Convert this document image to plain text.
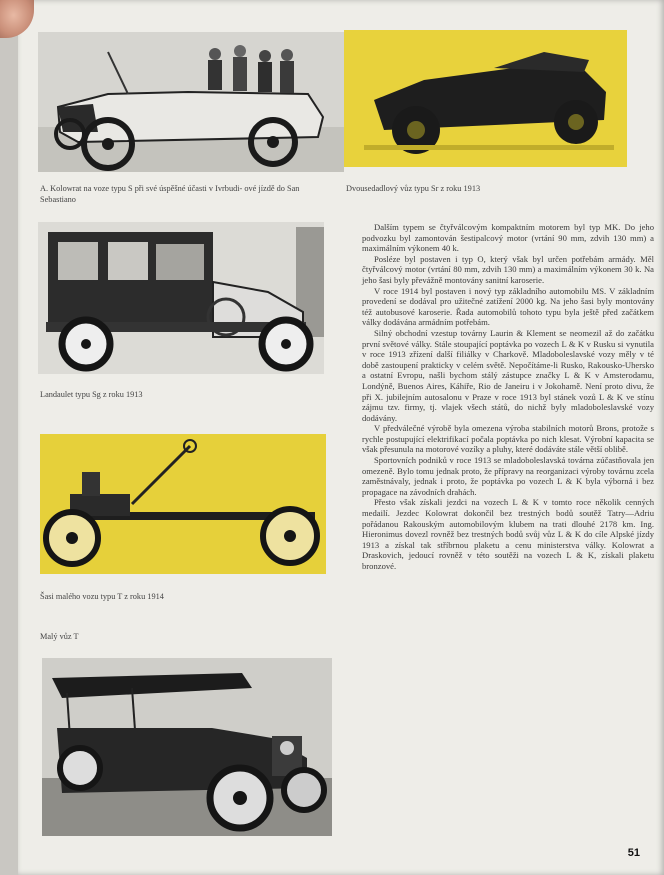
A. Kolowrat na voze typu S při své úspěšné účasti v Ivrbudi- ové jízdě do San Sebastiano
Dvousedadlový vůz typu Sr z roku 1913
Landaulet typu Sg z roku 1913
Šasi malého vozu typu T z roku 1914
Malý vůz T

Dalším typem se čtyřválcovým kompaktním motorem byl typ MK. Do jeho podvozku byl zamontován šestipalcový motor (vrtání 90 mm, zdvih 130 mm) a maximálním výkonem 40 k.

Posléze byl postaven i typ O, který však byl určen potřebám armády. Měl čtyřválcový motor (vrtání 80 mm, zdvih 130 mm) a maximálním výkonem 30 k. Na jeho šasi byly převážně montovány sanitní karoserie.

V roce 1914 byl postaven i nový typ základního automobilu MS. V základním provedení se dodával pro užitečné zatížení 2000 kg. Na jeho šasi byly montovány též autobusové karoserie. Řada automobilů tohoto typu byla ještě před začátkem války dodávána armádním potřebám.

Silný obchodní vzestup továrny Laurin & Klement se neomezil až do začátku první světové války. Stále stoupající poptávka po vozech L & K v Rusku si vynutila v roce 1913 zřízení další filiálky v Charkově. Mladoboleslavské vozy měly v té době zastoupení prakticky v celém světě. Nepočítáme-li Rusko, Rakousko-Uhersko a ostatní Evropu, našli bychom stálý zástupce značky L & K v Amsterodamu, Londýně, Buenos Aires, Káhiře, Rio de Janeiru i v Jokohamě. Není proto divu, že při X. jubilejním autosalonu v Praze v roce 1913 byl stánek vozů L & K ve stínu zájmu tzv. firmy, tj. vlajek všech států, do nichž byly mladoboleslavské vozy dodávány.

V předválečné výrobě byla omezena výroba stabilních motorů Brons, protože s rychle postupující elektrifikací počala poptávka po nich klesat. Výrobní kapacita se však přesunula na motorové vozíky a pluhy, které dodáváte stále větší oblibě.

Sportovních podniků v roce 1913 se mladoboleslavská továrna zúčastňovala jen omezeně. Bylo tomu jednak proto, že přípravy na reorganizaci výroby továrnu zcela zaměstnávaly, jednak i proto, že poptávka po vozech L & K byla výborná i bez propagace na závodních drahách.

Přesto však získali jezdci na vozech L & K v tomto roce několik cenných medailí. Jezdec Kolowrat dokončil bez trestných bodů soutěž Tatry—Adriu pořádanou Rakouským automobilovým klubem na trati dlouhé 2178 km. Ing. Hieronimus dovezl rovněž bez trestných bodů svůj vůz L & K do cíle Alpské jízdy 1913 a získal tak stříbrnou plaketu a cenu ministerstva války. Kolowrat a Draskovich, jedoucí rovněž v této soutěži na vozech L & K, získali plaketu bronzové.

51
